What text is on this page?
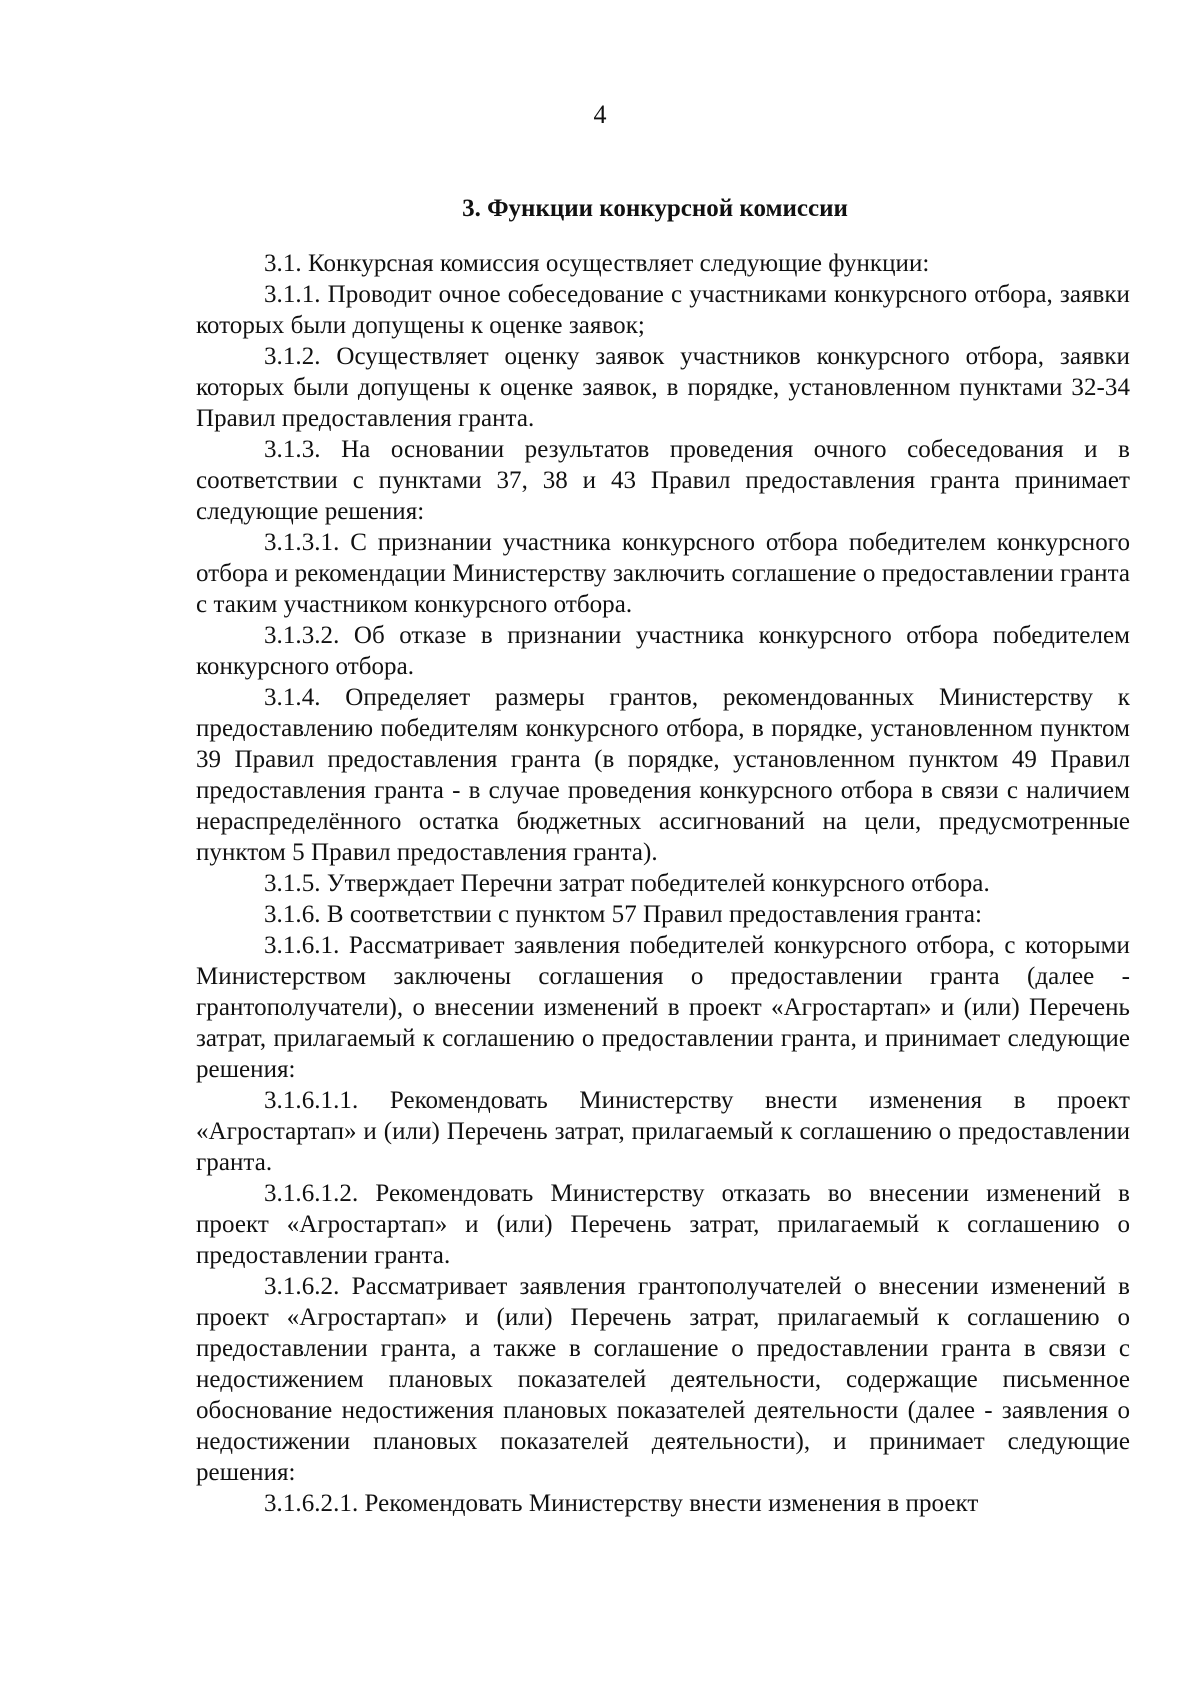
4
3. Функции конкурсной комиссии

3.1. Конкурсная комиссия осуществляет следующие функции:

3.1.1. Проводит очное собеседование с участниками конкурсного отбора, заявки которых были допущены к оценке заявок;

3.1.2. Осуществляет оценку заявок участников конкурсного отбора, заявки которых были допущены к оценке заявок, в порядке, установленном пунктами 32-34 Правил предоставления гранта.

3.1.3. На основании результатов проведения очного собеседования и в соответствии с пунктами 37, 38 и 43 Правил предоставления гранта принимает следующие решения:

3.1.3.1. С признании участника конкурсного отбора победителем конкурсного отбора и рекомендации Министерству заключить соглашение о предоставлении гранта с таким участником конкурсного отбора.

3.1.3.2. Об отказе в признании участника конкурсного отбора победителем конкурсного отбора.

3.1.4. Определяет размеры грантов, рекомендованных Министерству к предоставлению победителям конкурсного отбора, в порядке, установленном пунктом 39 Правил предоставления гранта (в порядке, установленном пунктом 49 Правил предоставления гранта - в случае проведения конкурсного отбора в связи с наличием нераспределённого остатка бюджетных ассигнований на цели, предусмотренные пунктом 5 Правил предоставления гранта).

3.1.5. Утверждает Перечни затрат победителей конкурсного отбора.

3.1.6. В соответствии с пунктом 57 Правил предоставления гранта:

3.1.6.1. Рассматривает заявления победителей конкурсного отбора, с которыми Министерством заключены соглашения о предоставлении гранта (далее - грантополучатели), о внесении изменений в проект «Агростартап» и (или) Перечень затрат, прилагаемый к соглашению о предоставлении гранта, и принимает следующие решения:

3.1.6.1.1. Рекомендовать Министерству внести изменения в проект «Агростартап» и (или) Перечень затрат, прилагаемый к соглашению о предоставлении гранта.

3.1.6.1.2. Рекомендовать Министерству отказать во внесении изменений в проект «Агростартап» и (или) Перечень затрат, прилагаемый к соглашению о предоставлении гранта.

3.1.6.2. Рассматривает заявления грантополучателей о внесении изменений в проект «Агростартап» и (или) Перечень затрат, прилагаемый к соглашению о предоставлении гранта, а также в соглашение о предоставлении гранта в связи с недостижением плановых показателей деятельности, содержащие письменное обоснование недостижения плановых показателей деятельности (далее - заявления о недостижении плановых показателей деятельности), и принимает следующие решения:

3.1.6.2.1. Рекомендовать Министерству внести изменения в проект
